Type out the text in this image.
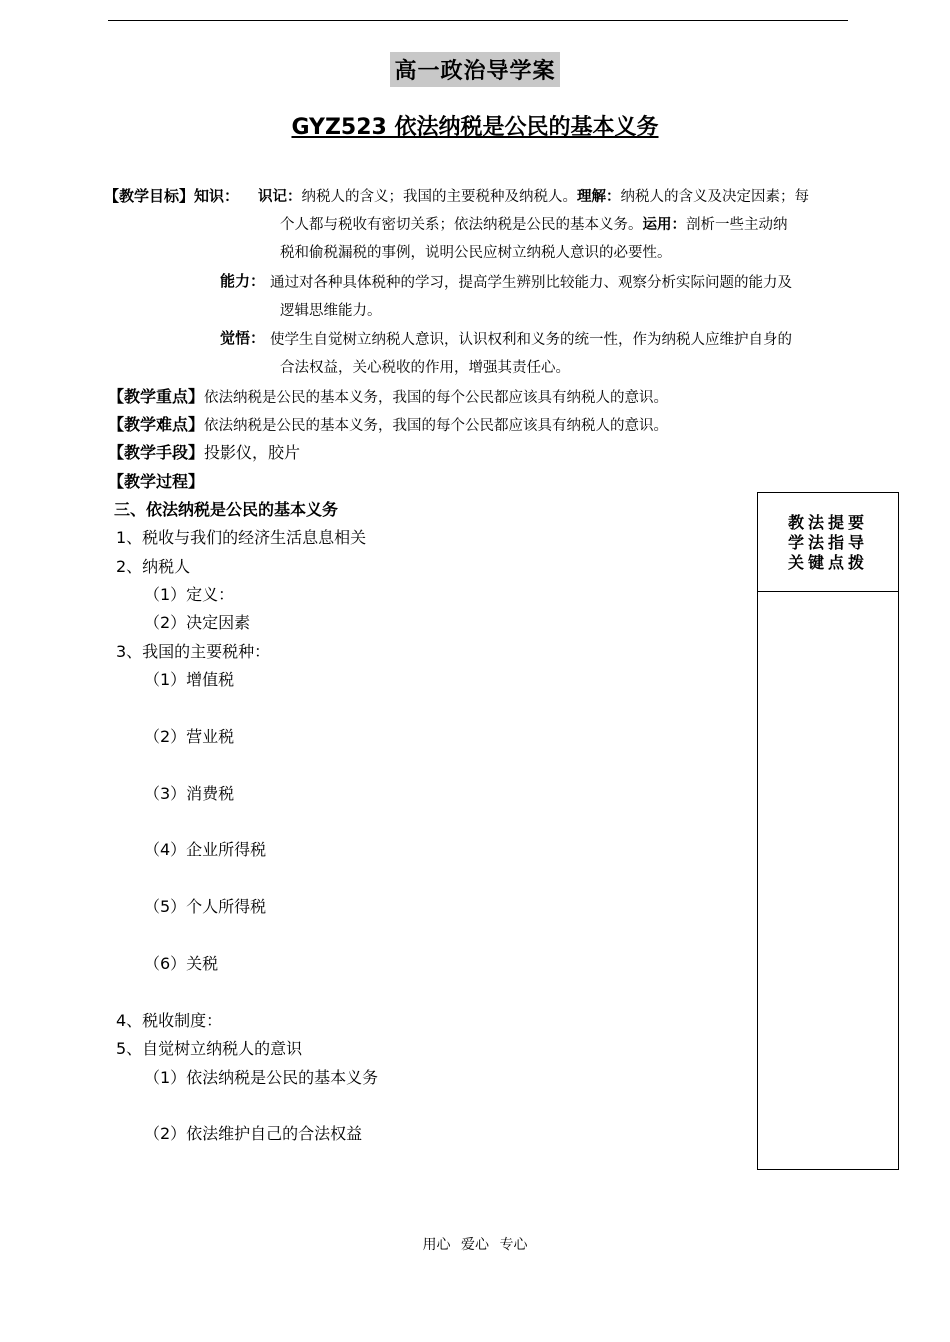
高一政治导学案
GYZ523 依法纳税是公民的基本义务
【教学目标】知识： 识记：纳税人的含义；我国的主要税种及纳税人。理解：纳税人的含义及决定因素；每
个人都与税收有密切关系；依法纳税是公民的基本义务。运用：剖析一些主动纳
税和偷税漏税的事例，说明公民应树立纳税人意识的必要性。
能力： 通过对各种具体税种的学习，提高学生辨别比较能力、观察分析实际问题的能力及
逻辑思维能力。
觉悟： 使学生自觉树立纳税人意识，认识权利和义务的统一性，作为纳税人应维护自身的
合法权益，关心税收的作用，增强其责任心。
【教学重点】依法纳税是公民的基本义务，我国的每个公民都应该具有纳税人的意识。
【教学难点】依法纳税是公民的基本义务，我国的每个公民都应该具有纳税人的意识。
【教学手段】投影仪，胶片
【教学过程】
三、依法纳税是公民的基本义务
1、税收与我们的经济生活息息相关
2、纳税人
（1）定义：
（2）决定因素
3、我国的主要税种：
（1）增值税
（2）营业税
（3）消费税
（4）企业所得税
（5）个人所得税
（6）关税
4、税收制度：
5、自觉树立纳税人的意识
（1）依法纳税是公民的基本义务
（2）依法维护自己的合法权益
教法提要
学法指导
关键点拨
用心 爱心 专心
